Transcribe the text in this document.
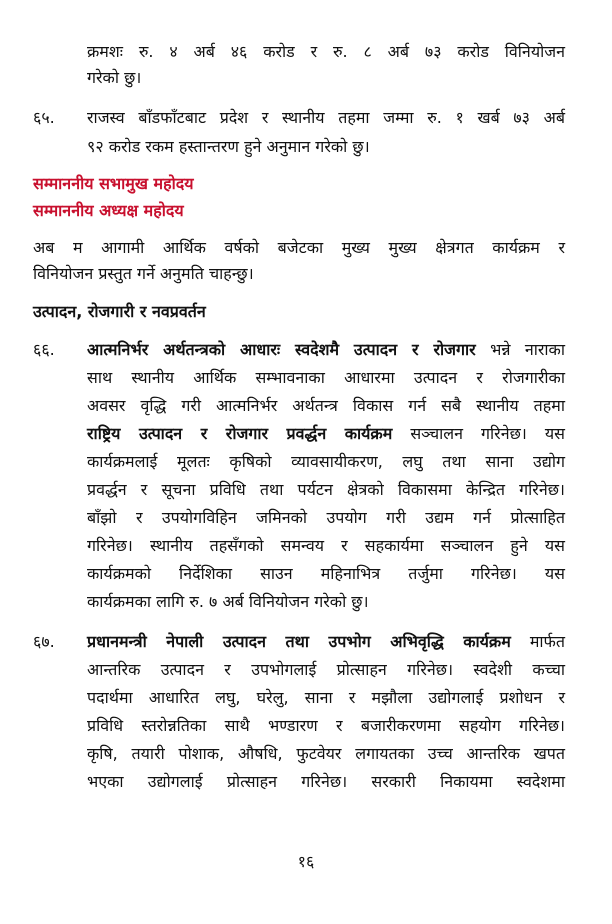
क्रमशः रु. ४ अर्ब ४६ करोड र रु. ८ अर्ब ७३ करोड विनियोजन
गरेको छु।
६५. राजस्व बाँडफाँटबाट प्रदेश र स्थानीय तहमा जम्मा रु. १ खर्ब ७३ अर्ब
९२ करोड रकम हस्तान्तरण हुने अनुमान गरेको छु।
सम्माननीय सभामुख महोदय
सम्माननीय अध्यक्ष महोदय
अब म आगामी आर्थिक वर्षको बजेटका मुख्य मुख्य क्षेत्रगत कार्यक्रम र
विनियोजन प्रस्तुत गर्ने अनुमति चाहन्छु।
उत्पादन, रोजगारी र नवप्रवर्तन
६६. आत्मनिर्भर अर्थतन्त्रको आधारः स्वदेशमै उत्पादन र रोजगार भन्ने नाराका
साथ स्थानीय आर्थिक सम्भावनाका आधारमा उत्पादन र रोजगारीका
अवसर वृद्धि गरी आत्मनिर्भर अर्थतन्त्र विकास गर्न सबै स्थानीय तहमा
राष्ट्रिय उत्पादन र रोजगार प्रवर्द्धन कार्यक्रम सञ्चालन गरिनेछ। यस
कार्यक्रमलाई मूलतः कृषिको व्यावसायीकरण, लघु तथा साना उद्योग
प्रवर्द्धन र सूचना प्रविधि तथा पर्यटन क्षेत्रको विकासमा केन्द्रित गरिनेछ।
बाँझो र उपयोगविहिन जमिनको उपयोग गरी उद्यम गर्न प्रोत्साहित
गरिनेछ। स्थानीय तहसँगको समन्वय र सहकार्यमा सञ्चालन हुने यस
कार्यक्रमको निर्देशिका साउन महिनाभित्र तर्जुमा गरिनेछ। यस
कार्यक्रमका लागि रु. ७ अर्ब विनियोजन गरेको छु।
६७. प्रधानमन्त्री नेपाली उत्पादन तथा उपभोग अभिवृद्धि कार्यक्रम मार्फत
आन्तरिक उत्पादन र उपभोगलाई प्रोत्साहन गरिनेछ। स्वदेशी कच्चा
पदार्थमा आधारित लघु, घरेलु, साना र मझौला उद्योगलाई प्रशोधन र
प्रविधि स्तरोन्नतिका साथै भण्डारण र बजारीकरणमा सहयोग गरिनेछ।
कृषि, तयारी पोशाक, औषधि, फुटवेयर लगायतका उच्च आन्तरिक खपत
भएका उद्योगलाई प्रोत्साहन गरिनेछ। सरकारी निकायमा स्वदेशमा
१६
